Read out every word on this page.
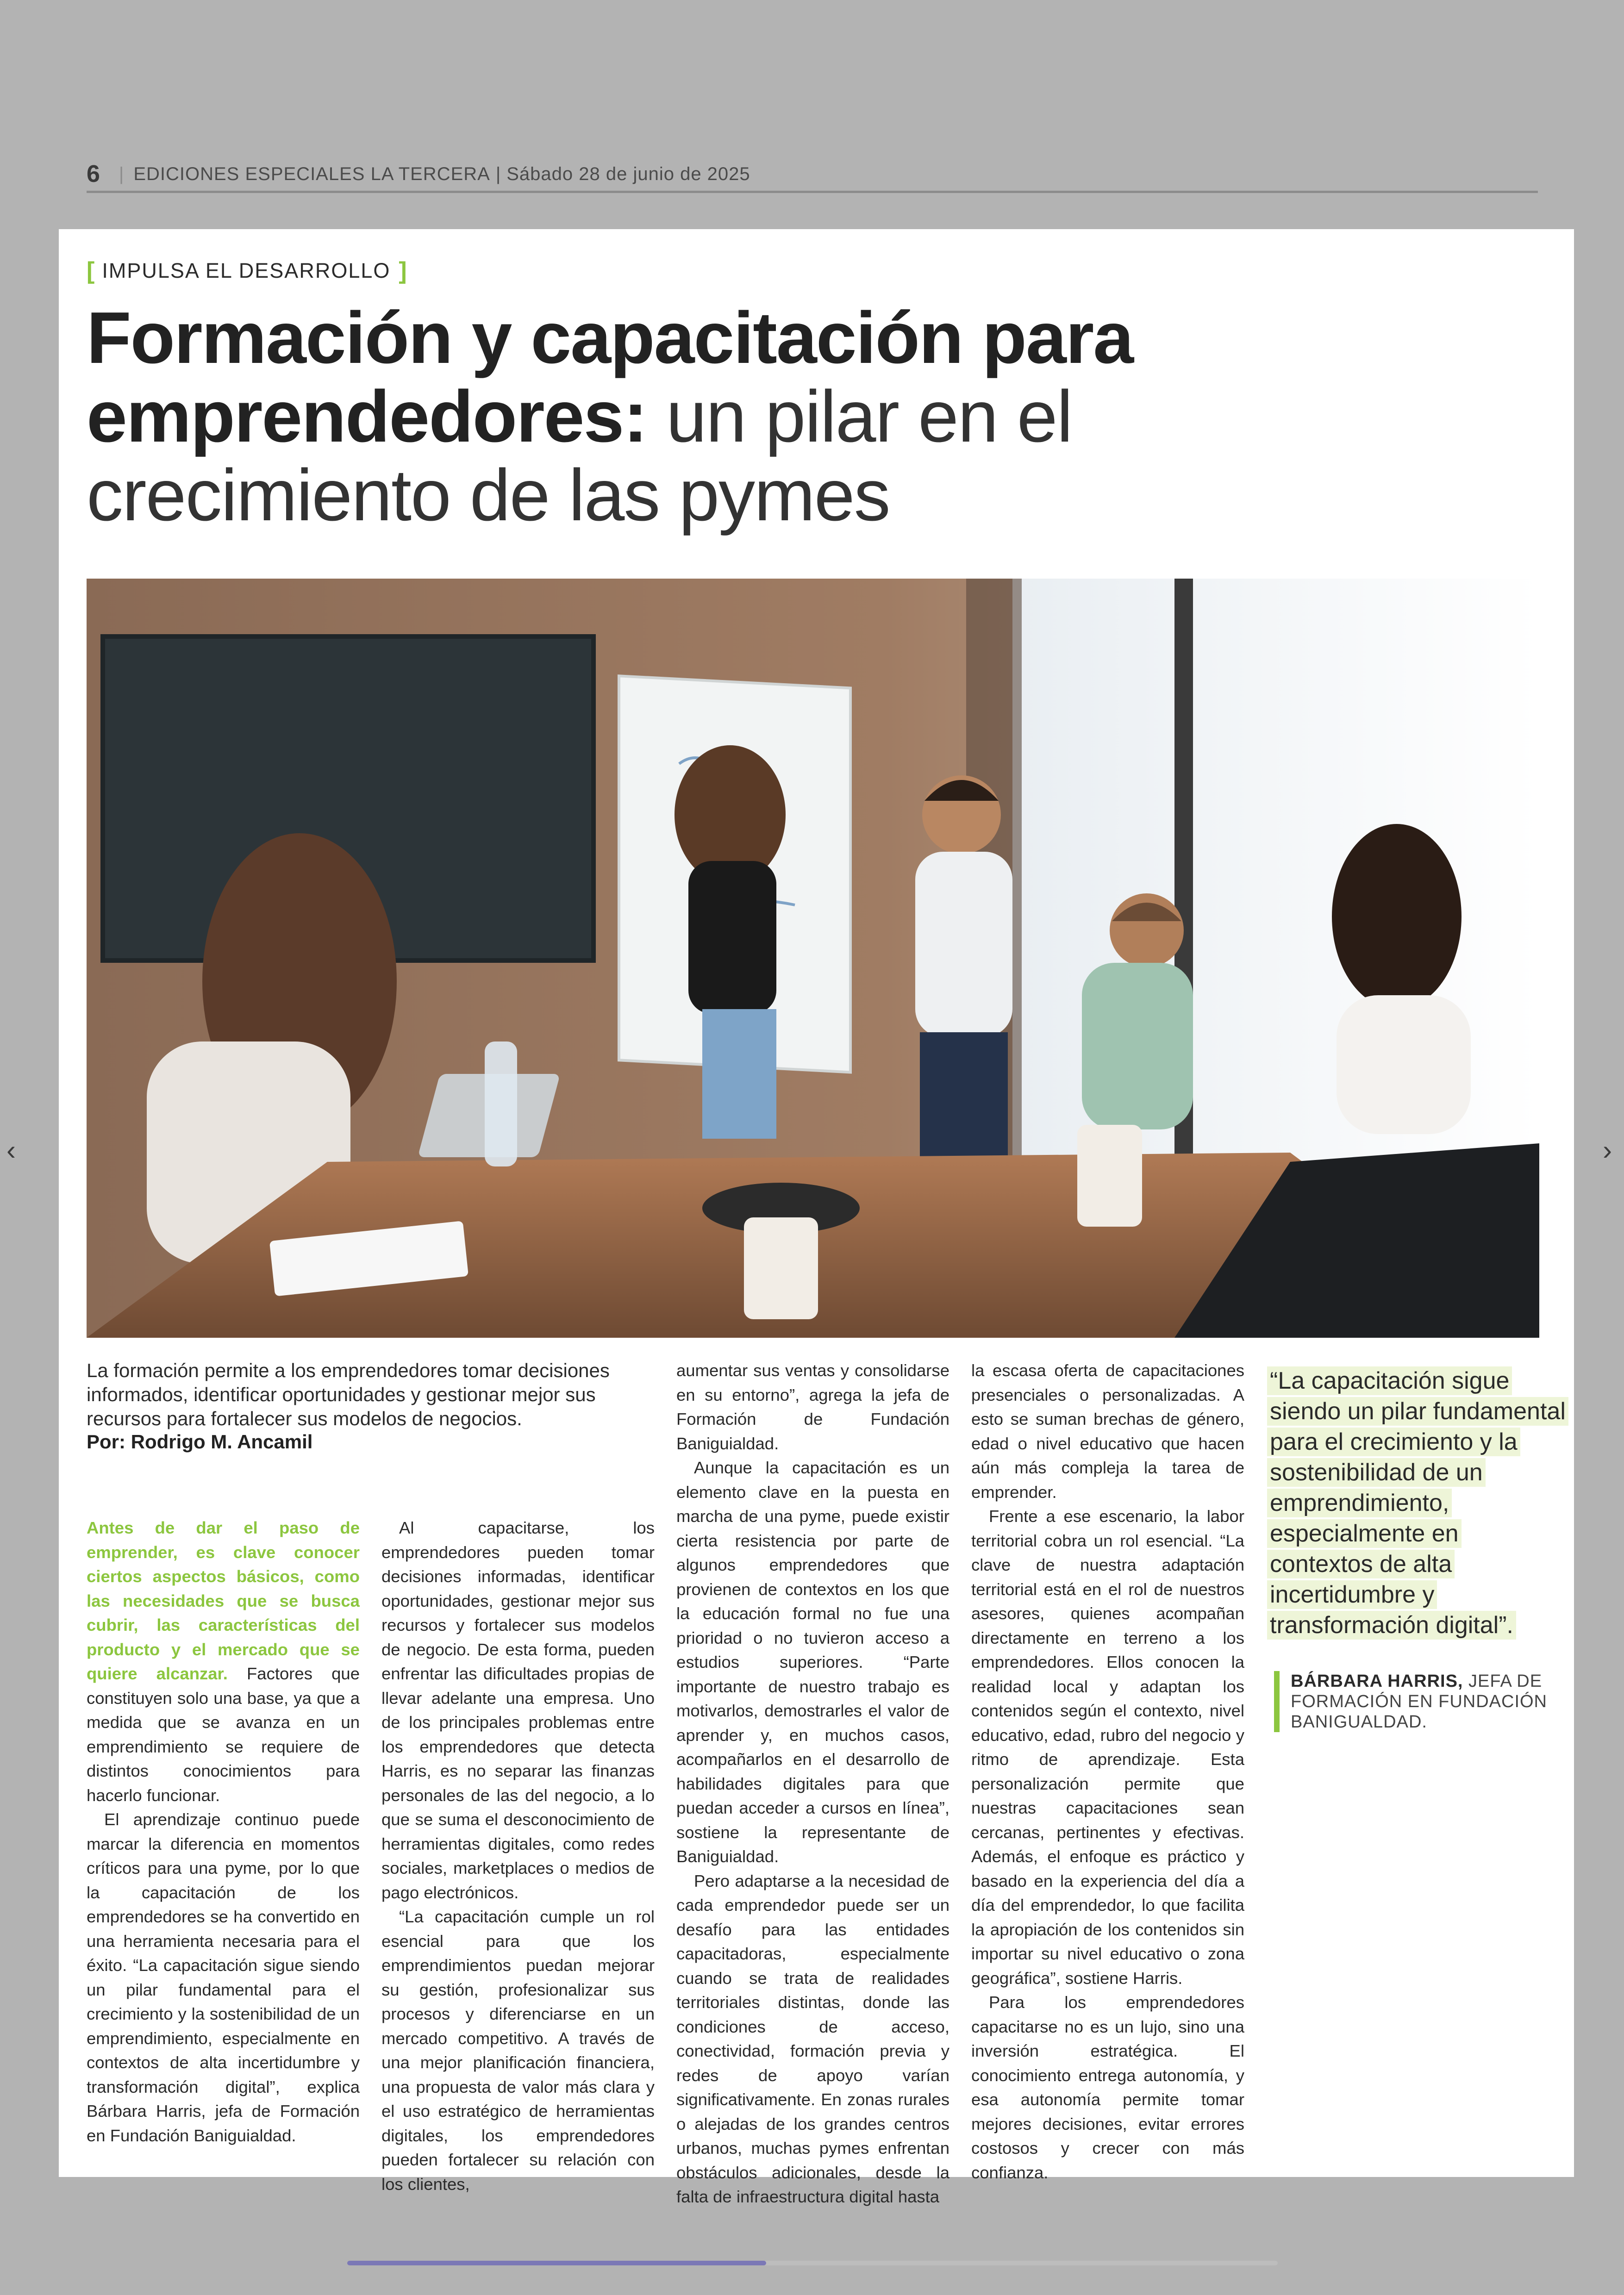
6 | EDICIONES ESPECIALES LA TERCERA | Sábado 28 de junio de 2025
‹	›
[ IMPULSA EL DESARROLLO ]
Formación y capacitación para
emprendedores: un pilar en el
crecimiento de las pymes
La formación permite a los emprendedores tomar decisiones informados, identificar oportunidades y gestionar mejor sus recursos para fortalecer sus modelos de negocios.
Por: Rodrigo M. Ancamil

Antes de dar el paso de emprender, es clave conocer ciertos aspectos básicos, como las necesidades que se busca cubrir, las características del producto y el mercado que se quiere alcanzar. Factores que constituyen solo una base, ya que a medida que se avanza en un emprendimiento se requiere de distintos conocimientos para hacerlo funcionar.

El aprendizaje continuo puede marcar la diferencia en momentos críticos para una pyme, por lo que la capacitación de los emprendedores se ha convertido en una herramienta necesaria para el éxito. “La capacitación sigue siendo un pilar fundamental para el crecimiento y la sostenibilidad de un emprendimiento, especialmente en contextos de alta incertidumbre y transformación digital”, explica Bárbara Harris, jefa de Formación en Fundación Baniguialdad.

Al capacitarse, los emprendedores pueden tomar decisiones informadas, identificar oportunidades, gestionar mejor sus recursos y fortalecer sus modelos de negocio. De esta forma, pueden enfrentar las dificultades propias de llevar adelante una empresa. Uno de los principales problemas entre los emprendedores que detecta Harris, es no separar las finanzas personales de las del negocio, a lo que se suma el desconocimiento de herramientas digitales, como redes sociales, marketplaces o medios de pago electrónicos.

“La capacitación cumple un rol esencial para que los emprendimientos puedan mejorar su gestión, profesionalizar sus procesos y diferenciarse en un mercado competitivo. A través de una mejor planificación financiera, una propuesta de valor más clara y el uso estratégico de herramientas digitales, los emprendedores pueden fortalecer su relación con los clientes,

aumentar sus ventas y consolidarse en su entorno”, agrega la jefa de Formación de Fundación Baniguialdad.

Aunque la capacitación es un elemento clave en la puesta en marcha de una pyme, puede existir cierta resistencia por parte de algunos emprendedores que provienen de contextos en los que la educación formal no fue una prioridad o no tuvieron acceso a estudios superiores. “Parte importante de nuestro trabajo es motivarlos, demostrarles el valor de aprender y, en muchos casos, acompañarlos en el desarrollo de habilidades digitales para que puedan acceder a cursos en línea”, sostiene la representante de Baniguialdad.

Pero adaptarse a la necesidad de cada emprendedor puede ser un desafío para las entidades capacitadoras, especialmente cuando se trata de realidades territoriales distintas, donde las condiciones de acceso, conectividad, formación previa y redes de apoyo varían significativamente. En zonas rurales o alejadas de los grandes centros urbanos, muchas pymes enfrentan obstáculos adicionales, desde la falta de infraestructura digital hasta

la escasa oferta de capacitaciones presenciales o personalizadas. A esto se suman brechas de género, edad o nivel educativo que hacen aún más compleja la tarea de emprender.

Frente a ese escenario, la labor territorial cobra un rol esencial. “La clave de nuestra adaptación territorial está en el rol de nuestros asesores, quienes acompañan directamente en terreno a los emprendedores. Ellos conocen la realidad local y adaptan los contenidos según el contexto, nivel educativo, edad, rubro del negocio y ritmo de aprendizaje. Esta personalización permite que nuestras capacitaciones sean cercanas, pertinentes y efectivas. Además, el enfoque es práctico y basado en la experiencia del día a día del emprendedor, lo que facilita la apropiación de los contenidos sin importar su nivel educativo o zona geográfica”, sostiene Harris.

Para los emprendedores capacitarse no es un lujo, sino una inversión estratégica. El conocimiento entrega autonomía, y esa autonomía permite tomar mejores decisiones, evitar errores costosos y crecer con más confianza.

“La capacitación sigue siendo un pilar fundamental para el crecimiento y la sostenibilidad de un emprendimiento, especialmente en contextos de alta incertidumbre y transformación digital”.
BÁRBARA HARRIS, JEFA DE FORMACIÓN EN FUNDACIÓN BANIGUALDAD.
